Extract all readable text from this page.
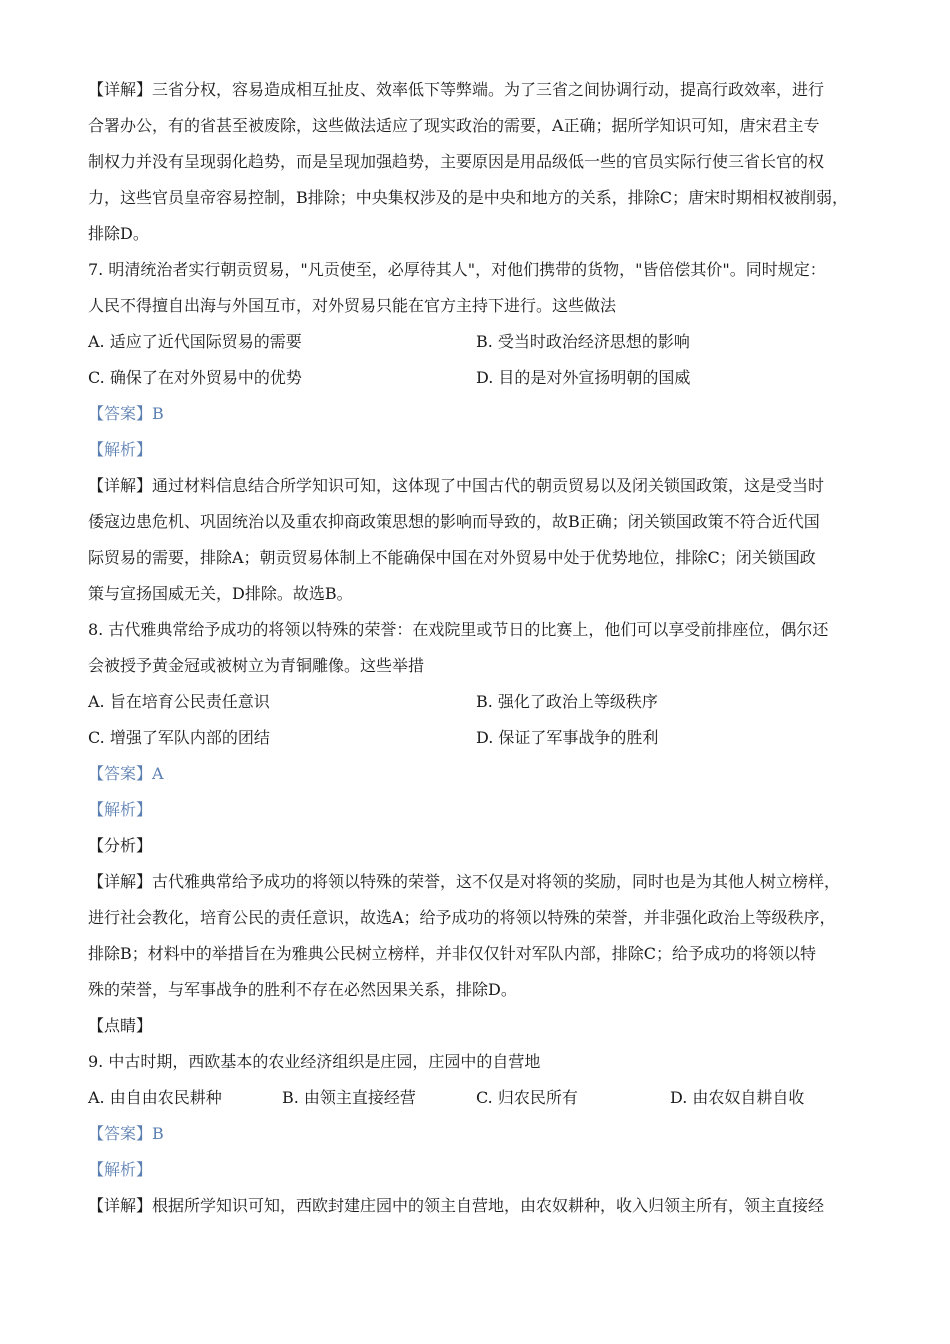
【详解】三省分权，容易造成相互扯皮、效率低下等弊端。为了三省之间协调行动，提高行政效率，进行
合署办公，有的省甚至被废除，这些做法适应了现实政治的需要，A正确；据所学知识可知，唐宋君主专
制权力并没有呈现弱化趋势，而是呈现加强趋势，主要原因是用品级低一些的官员实际行使三省长官的权
力，这些官员皇帝容易控制，B排除；中央集权涉及的是中央和地方的关系，排除C；唐宋时期相权被削弱，
排除D。
7. 明清统治者实行朝贡贸易，"凡贡使至，必厚待其人"，对他们携带的货物，"皆倍偿其价"。同时规定：
人民不得擅自出海与外国互市，对外贸易只能在官方主持下进行。这些做法
A. 适应了近代国际贸易的需要	B. 受当时政治经济思想的影响
C. 确保了在对外贸易中的优势	D. 目的是对外宣扬明朝的国威
【答案】B
【解析】
【详解】通过材料信息结合所学知识可知，这体现了中国古代的朝贡贸易以及闭关锁国政策，这是受当时
倭寇边患危机、巩固统治以及重农抑商政策思想的影响而导致的，故B正确；闭关锁国政策不符合近代国
际贸易的需要，排除A；朝贡贸易体制上不能确保中国在对外贸易中处于优势地位，排除C；闭关锁国政
策与宣扬国威无关，D排除。故选B。
8. 古代雅典常给予成功的将领以特殊的荣誉：在戏院里或节日的比赛上，他们可以享受前排座位，偶尔还
会被授予黄金冠或被树立为青铜雕像。这些举措
A. 旨在培育公民责任意识	B. 强化了政治上等级秩序
C. 增强了军队内部的团结	D. 保证了军事战争的胜利
【答案】A
【解析】
【分析】
【详解】古代雅典常给予成功的将领以特殊的荣誉，这不仅是对将领的奖励，同时也是为其他人树立榜样，
进行社会教化，培育公民的责任意识，故选A；给予成功的将领以特殊的荣誉，并非强化政治上等级秩序，
排除B；材料中的举措旨在为雅典公民树立榜样，并非仅仅针对军队内部，排除C；给予成功的将领以特
殊的荣誉，与军事战争的胜利不存在必然因果关系，排除D。
【点睛】
9. 中古时期，西欧基本的农业经济组织是庄园，庄园中的自营地
A. 由自由农民耕种	B. 由领主直接经营	C. 归农民所有	D. 由农奴自耕自收
【答案】B
【解析】
【详解】根据所学知识可知，西欧封建庄园中的领主自营地，由农奴耕种，收入归领主所有，领主直接经
